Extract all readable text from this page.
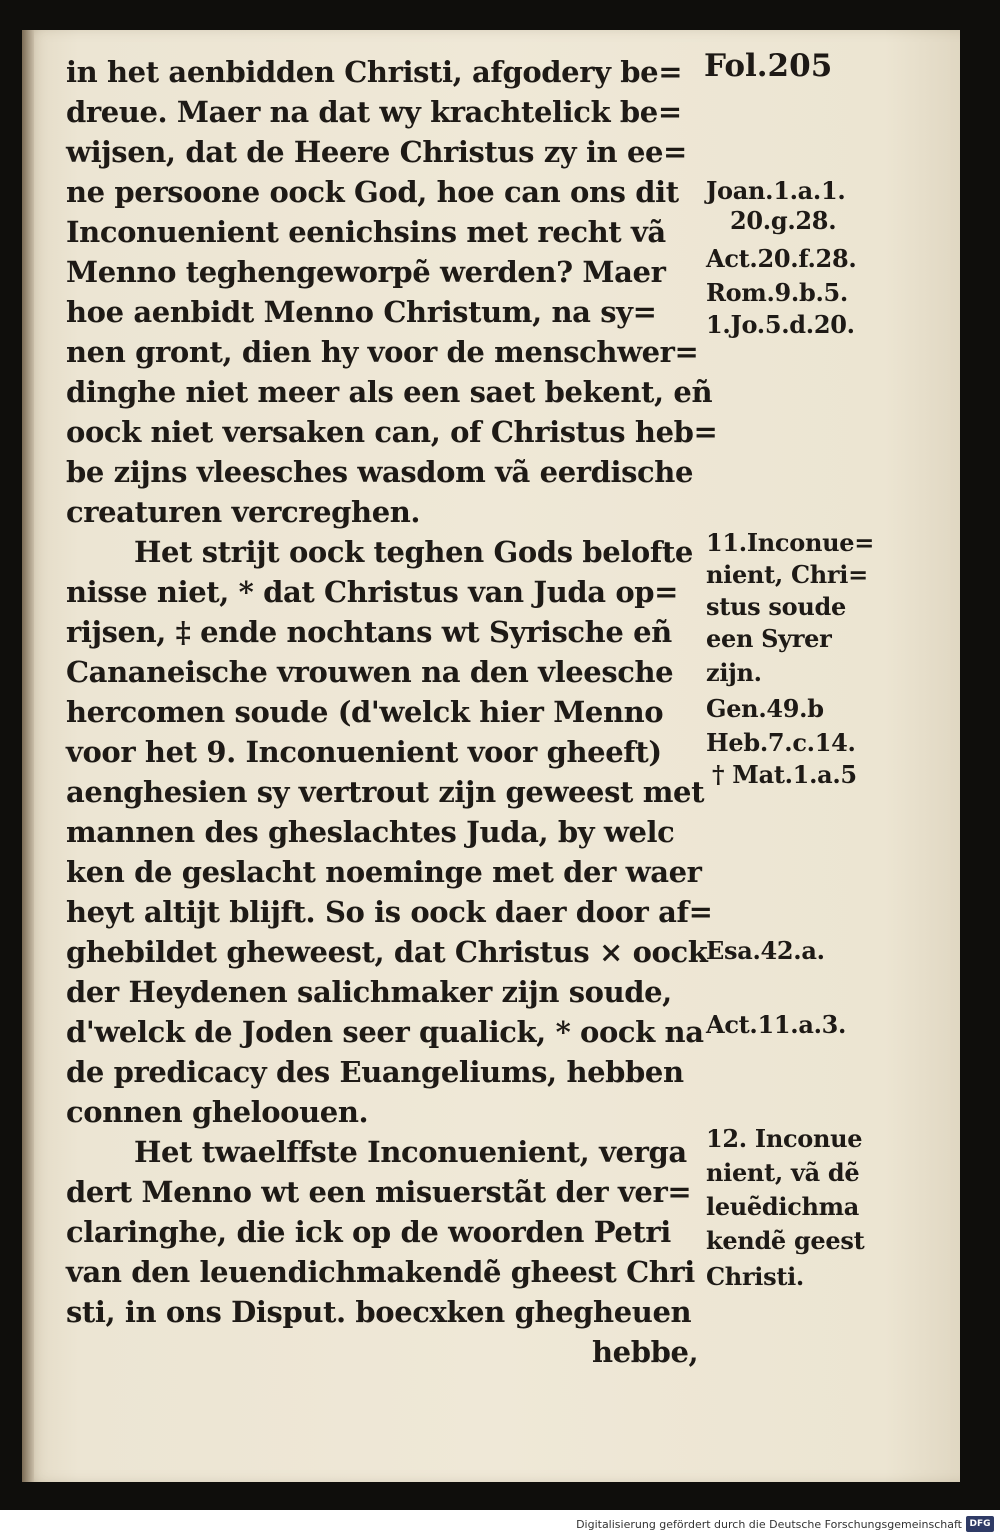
Fol.205
in het aenbidden Christi, afgodery be=
dreue. Maer na dat wy krachtelick be=
wijsen, dat de Heere Christus zy in ee=
ne persoone oock God, hoe can ons dit
Inconuenient eenichsins met recht vã
Menno teghengeworpẽ werden? Maer
hoe aenbidt Menno Christum, na sy=
nen gront, dien hy voor de menschwer=
dinghe niet meer als een saet bekent, eñ
oock niet versaken can, of Christus heb=
be zijns vleesches wasdom vã eerdische
creaturen vercreghen.
Het strijt oock teghen Gods belofte
nisse niet, * dat Christus van Juda op=
rijsen, ‡ ende nochtans wt Syrische eñ
Cananeische vrouwen na den vleesche
hercomen soude (d'welck hier Menno
voor het 9. Inconuenient voor gheeft)
aenghesien sy vertrout zijn geweest met
mannen des gheslachtes Juda, by welc
ken de geslacht noeminge met der waer
heyt altijt blijft. So is oock daer door af=
ghebildet gheweest, dat Christus × oock
der Heydenen salichmaker zijn soude,
d'welck de Joden seer qualick, * oock na
de predicacy des Euangeliums, hebben
connen gheloouen.
Het twaelffste Inconuenient, verga
dert Menno wt een misuerstãt der ver=
claringhe, die ick op de woorden Petri
van den leuendichmakendẽ gheest Chri
sti, in ons Disput. boecxken ghegheuen
hebbe,
Joan.1.a.1.
20.g.28.
Act.20.f.28.
Rom.9.b.5.
1.Jo.5.d.20.
11.Inconue=
nient, Chri=
stus soude
een Syrer
zijn.
Gen.49.b
Heb.7.c.14.
† Mat.1.a.5
Esa.42.a.
Act.11.a.3.
12. Inconue
nient, vã dẽ
leuẽdichma
kendẽ geest
Christi.
Digitalisierung gefördert durch die Deutsche Forschungsgemeinschaft DFG
